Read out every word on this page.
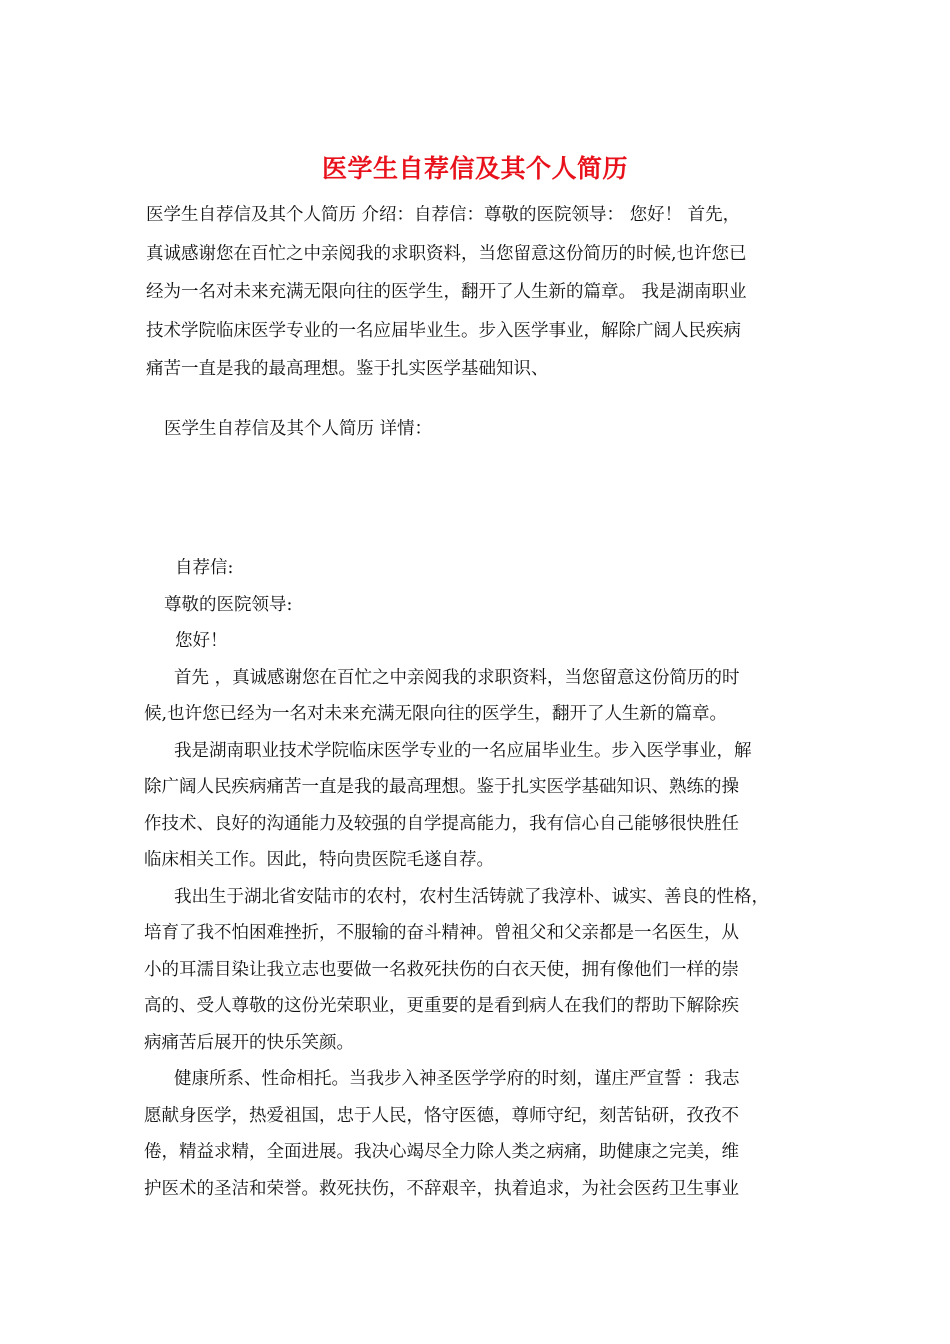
医学生自荐信及其个人简历
医学生自荐信及其个人简历 介绍：自荐信：尊敬的医院领导： 您好！ 首先，
真诚感谢您在百忙之中亲阅我的求职资料，当您留意这份简历的时候,也许您已
经为一名对未来充满无限向往的医学生，翻开了人生新的篇章。 我是湖南职业
技术学院临床医学专业的一名应届毕业生。步入医学事业，解除广阔人民疾病
痛苦一直是我的最高理想。鉴于扎实医学基础知识、
医学生自荐信及其个人简历 详情：
自荐信:
尊敬的医院领导:
您好！
首先 ，真诚感谢您在百忙之中亲阅我的求职资料，当您留意这份简历的时
候,也许您已经为一名对未来充满无限向往的医学生，翻开了人生新的篇章。
我是湖南职业技术学院临床医学专业的一名应届毕业生。步入医学事业，解
除广阔人民疾病痛苦一直是我的最高理想。鉴于扎实医学基础知识、熟练的操
作技术、良好的沟通能力及较强的自学提高能力，我有信心自己能够很快胜任
临床相关工作。因此，特向贵医院毛遂自荐。
我出生于湖北省安陆市的农村，农村生活铸就了我淳朴、诚实、善良的性格，
培育了我不怕困难挫折，不服输的奋斗精神。曾祖父和父亲都是一名医生，从
小的耳濡目染让我立志也要做一名救死扶伤的白衣天使，拥有像他们一样的崇
高的、受人尊敬的这份光荣职业，更重要的是看到病人在我们的帮助下解除疾
病痛苦后展开的快乐笑颜。
健康所系、性命相托。当我步入神圣医学学府的时刻，谨庄严宣誓 ：我志
愿献身医学，热爱祖国，忠于人民，恪守医德，尊师守纪，刻苦钻研，孜孜不
倦，精益求精，全面进展。我决心竭尽全力除人类之病痛，助健康之完美，维
护医术的圣洁和荣誉。救死扶伤，不辞艰辛，执着追求，为社会医药卫生事业
